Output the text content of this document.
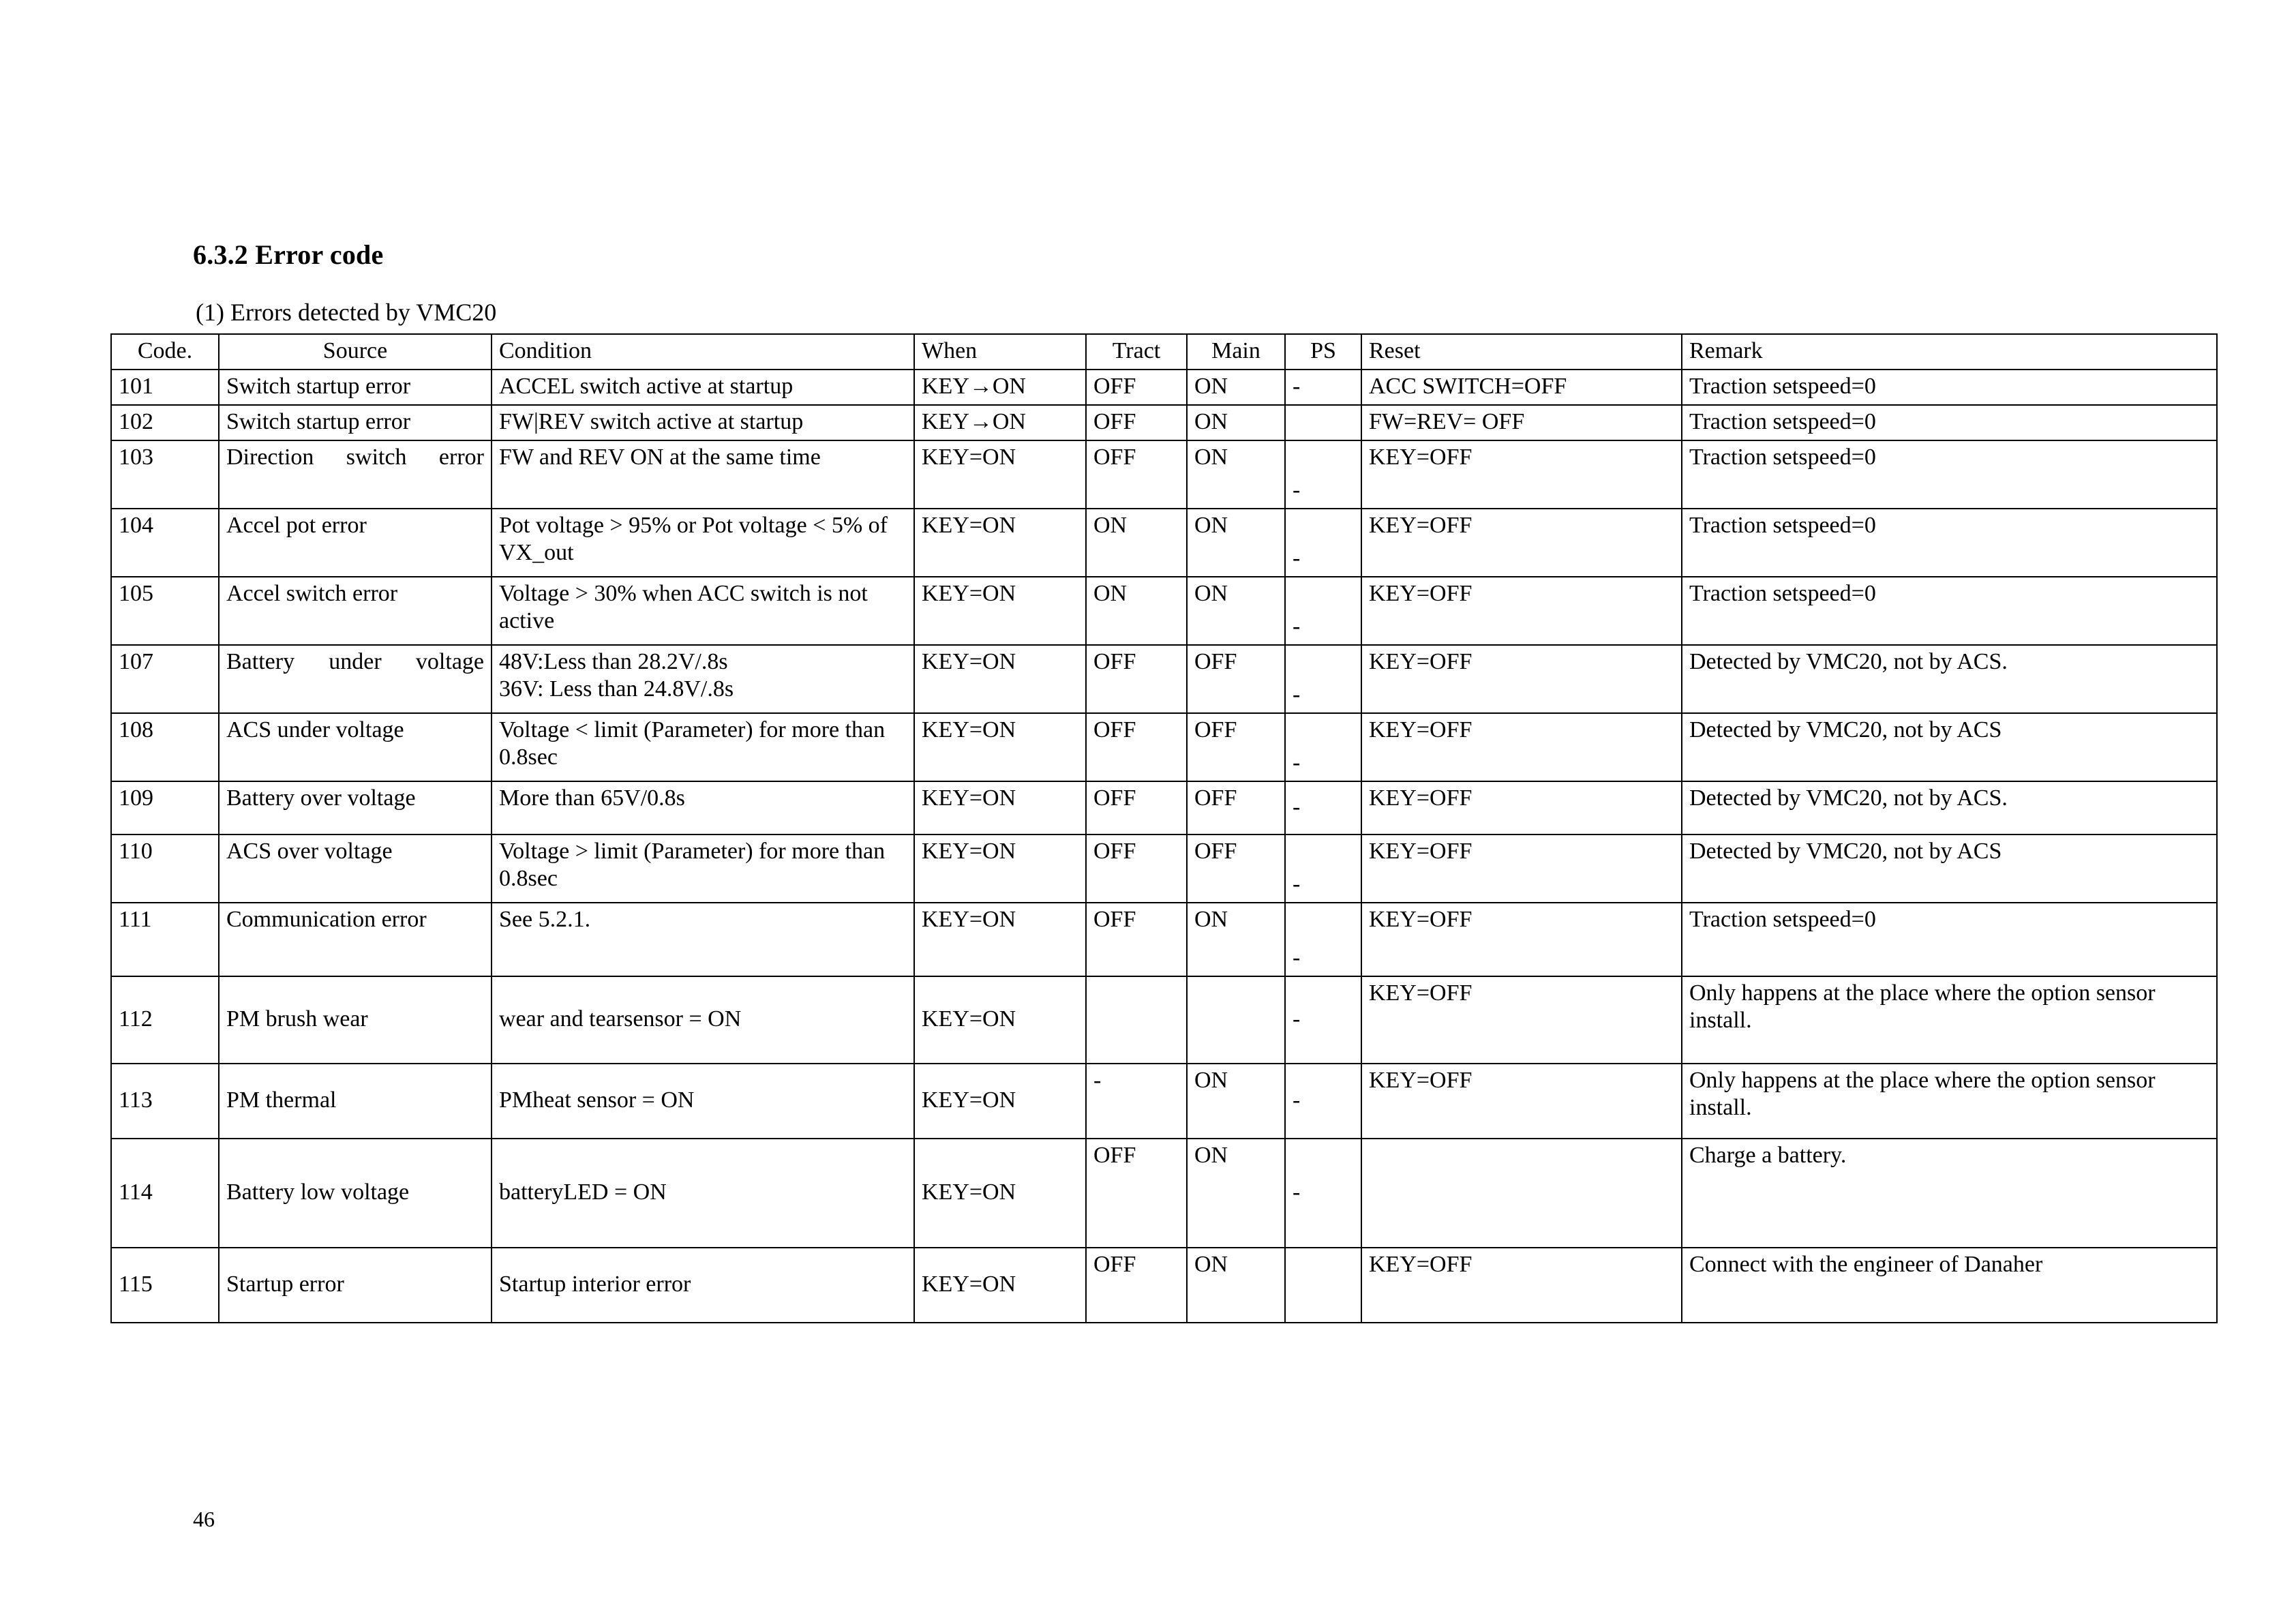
6.3.2 Error code
(1) Errors detected by VMC20
Code.	Source	Condition	When	Tract	Main	PS	Reset	Remark
101	Switch startup error	ACCEL switch active at startup	KEY→ON	OFF	ON	-	ACC SWITCH=OFF	Traction setspeed=0
102	Switch startup error	FW|REV switch active at startup	KEY→ON	OFF	ON		FW=REV= OFF	Traction setspeed=0
103	Direction switch error	FW and REV ON at the same time	KEY=ON	OFF	ON	-	KEY=OFF	Traction setspeed=0
104	Accel pot error	Pot voltage > 95% or Pot voltage < 5% of VX_out	KEY=ON	ON	ON	-	KEY=OFF	Traction setspeed=0
105	Accel switch error	Voltage > 30% when ACC switch is not active	KEY=ON	ON	ON	-	KEY=OFF	Traction setspeed=0
107	Battery under voltage	48V:Less than 28.2V/.8s
36V: Less than 24.8V/.8s	KEY=ON	OFF	OFF	-	KEY=OFF	Detected by VMC20, not by ACS.
108	ACS under voltage	Voltage < limit (Parameter) for more than 0.8sec	KEY=ON	OFF	OFF	-	KEY=OFF	Detected by VMC20, not by ACS
109	Battery over voltage	More than 65V/0.8s	KEY=ON	OFF	OFF	-	KEY=OFF	Detected by VMC20, not by ACS.
110	ACS over voltage	Voltage > limit (Parameter) for more than 0.8sec	KEY=ON	OFF	OFF	-	KEY=OFF	Detected by VMC20, not by ACS
111	Communication error	See 5.2.1.	KEY=ON	OFF	ON	-	KEY=OFF	Traction setspeed=0
112	PM brush wear	wear and tearsensor = ON	KEY=ON			-	KEY=OFF	Only happens at the place where the option sensor install.
113	PM thermal	PMheat sensor = ON	KEY=ON	-	ON	-	KEY=OFF	Only happens at the place where the option sensor install.
114	Battery low voltage	batteryLED = ON	KEY=ON	OFF	ON	-		Charge a battery.
115	Startup error	Startup interior error	KEY=ON	OFF	ON		KEY=OFF	Connect with the engineer of Danaher
46
